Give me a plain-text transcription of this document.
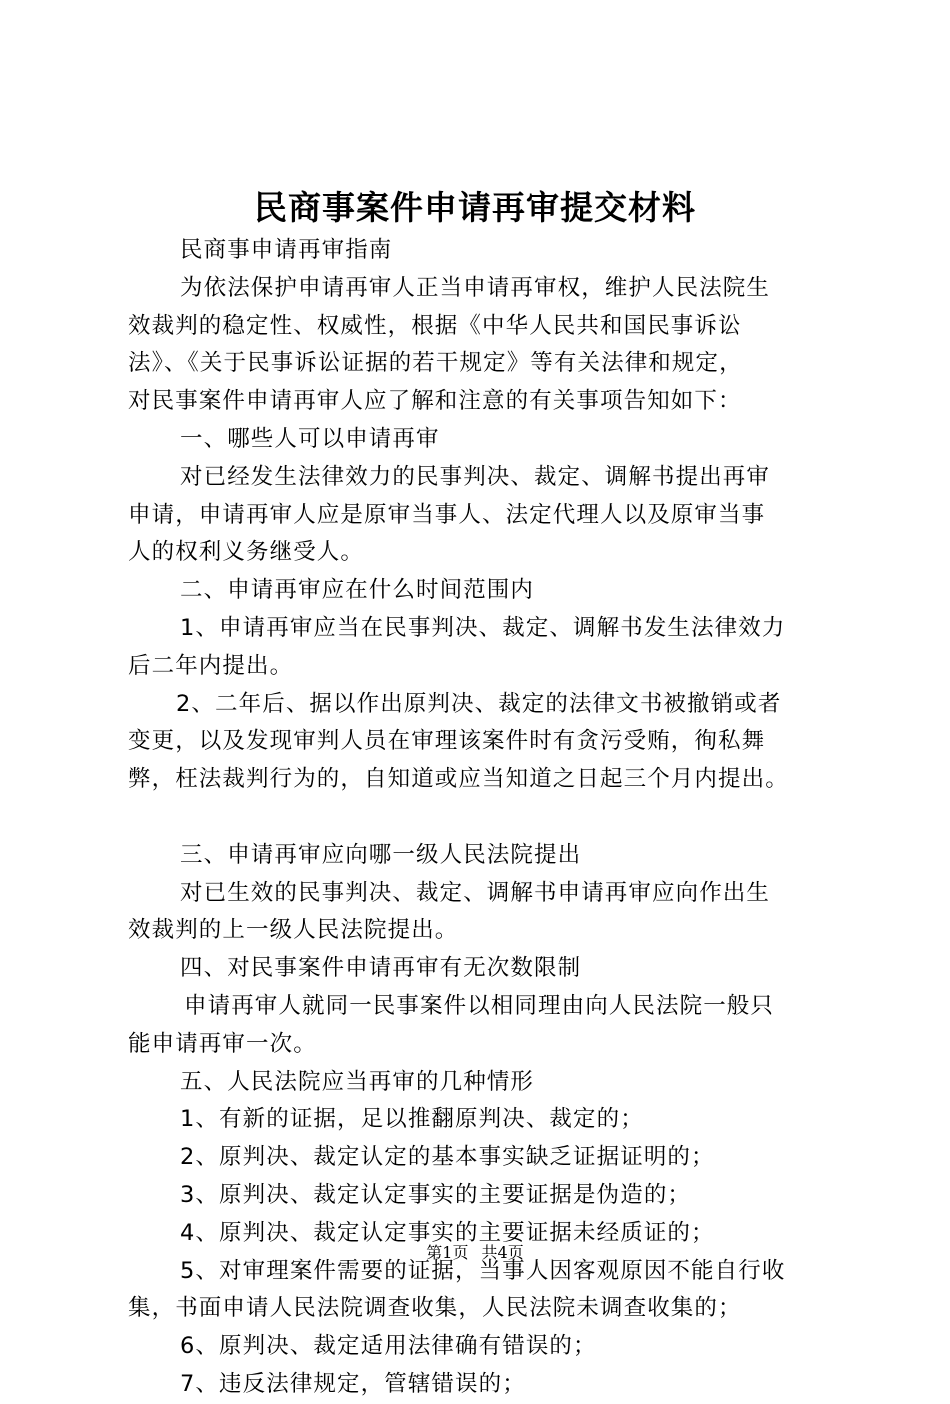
民商事案件申请再审提交材料

民商事申请再审指南

为依法保护申请再审人正当申请再审权，维护人民法院生

效裁判的稳定性、权威性，根据《中华人民共和国民事诉讼

法》、《关于民事诉讼证据的若干规定》等有关法律和规定，

对民事案件申请再审人应了解和注意的有关事项告知如下：

一、哪些人可以申请再审

对已经发生法律效力的民事判决、裁定、调解书提出再审

申请，申请再审人应是原审当事人、法定代理人以及原审当事

人的权利义务继受人。

二、申请再审应在什么时间范围内

1、申请再审应当在民事判决、裁定、调解书发生法律效力

后二年内提出。

2、二年后、据以作出原判决、裁定的法律文书被撤销或者

变更，以及发现审判人员在审理该案件时有贪污受贿，徇私舞

弊，枉法裁判行为的，自知道或应当知道之日起三个月内提出。

三、申请再审应向哪一级人民法院提出

对已生效的民事判决、裁定、调解书申请再审应向作出生

效裁判的上一级人民法院提出。

四、对民事案件申请再审有无次数限制

申请再审人就同一民事案件以相同理由向人民法院一般只

能申请再审一次。

五、人民法院应当再审的几种情形

1、有新的证据，足以推翻原判决、裁定的；

2、原判决、裁定认定的基本事实缺乏证据证明的；

3、原判决、裁定认定事实的主要证据是伪造的；

4、原判决、裁定认定事实的主要证据未经质证的；

5、对审理案件需要的证据，当事人因客观原因不能自行收

集，书面申请人民法院调查收集，人民法院未调查收集的；

6、原判决、裁定适用法律确有错误的；

7、违反法律规定，管辖错误的；

第1页 共4页
